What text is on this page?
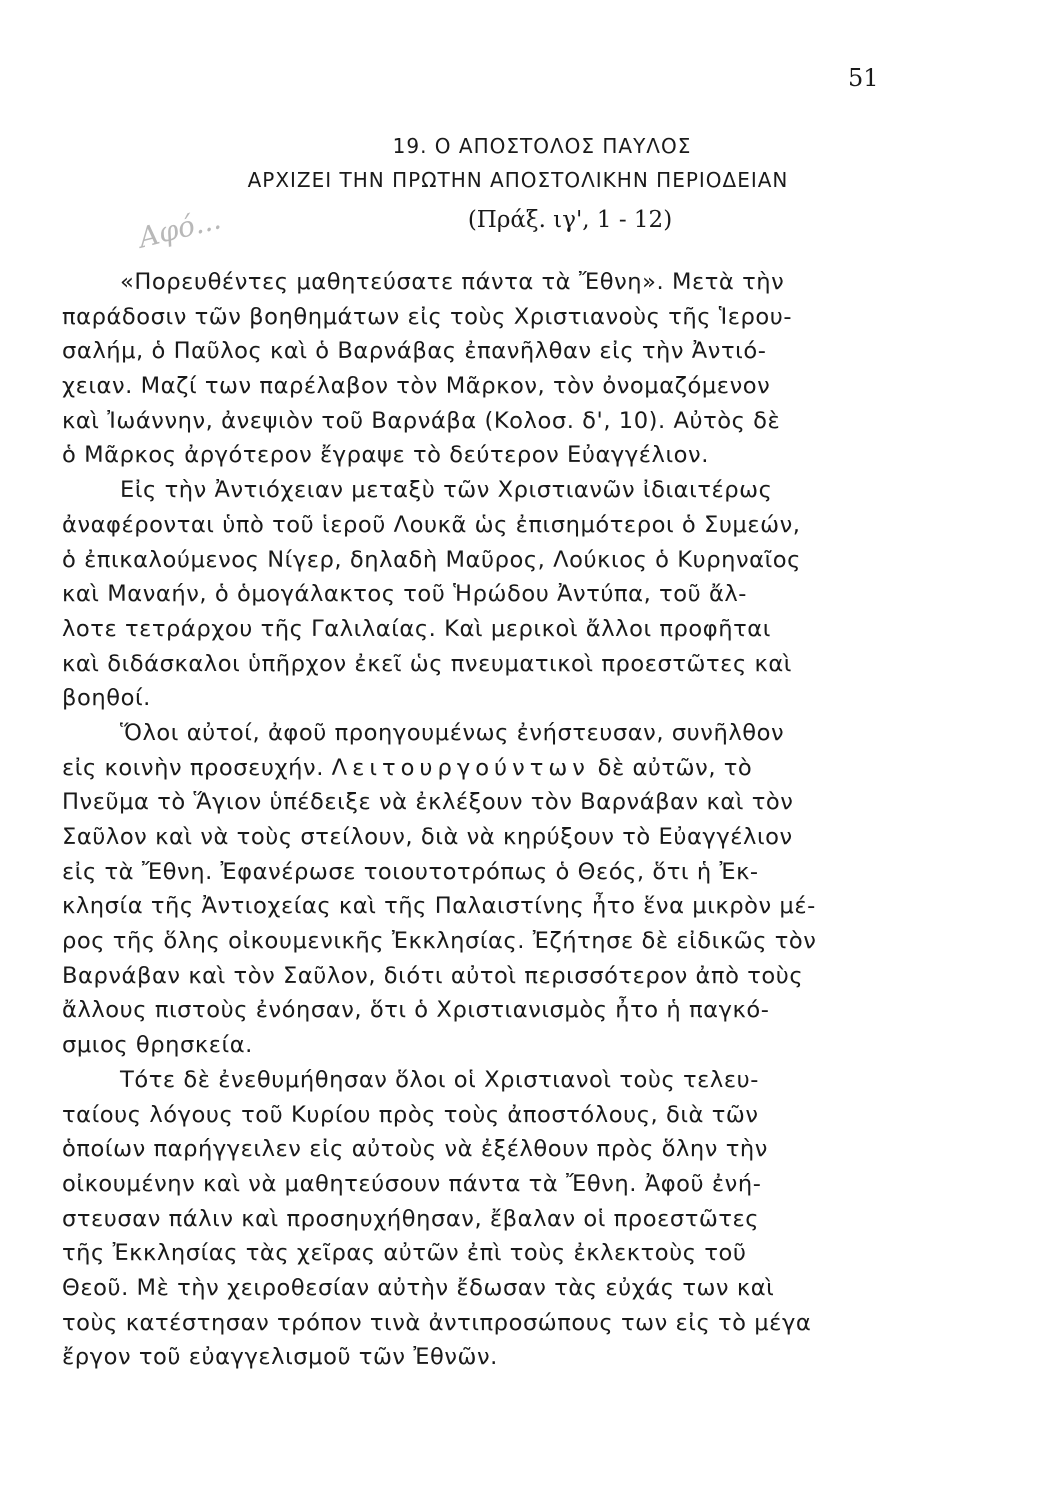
51
19. Ο ΑΠΟΣΤΟΛΟΣ ΠΑΥΛΟΣ
ΑΡΧΙΖΕΙ ΤΗΝ ΠΡΩΤΗΝ ΑΠΟΣΤΟΛΙΚΗΝ ΠΕΡΙΟΔΕΙΑΝ
(Πράξ. ιγ', 1 - 12)
Αφό...
«Πορευθέντες μαθητεύσατε πάντα τὰ Ἔθνη». Μετὰ τὴν
παράδοσιν τῶν βοηθημάτων εἰς τοὺς Χριστιανοὺς τῆς Ἱερου-
σαλήμ, ὁ Παῦλος καὶ ὁ Βαρνάβας ἐπανῆλθαν εἰς τὴν Ἀντιό-
χειαν. Μαζί των παρέλαβον τὸν Μᾶρκον, τὸν ὀνομαζόμενον
καὶ Ἰωάννην, ἀνεψιὸν τοῦ Βαρνάβα (Κολοσ. δ', 10). Αὐτὸς δὲ
ὁ Μᾶρκος ἀργότερον ἔγραψε τὸ δεύτερον Εὐαγγέλιον.
Εἰς τὴν Ἀντιόχειαν μεταξὺ τῶν Χριστιανῶν ἰδιαιτέρως
ἀναφέρονται ὑπὸ τοῦ ἱεροῦ Λουκᾶ ὡς ἐπισημότεροι ὁ Συμεών,
ὁ ἐπικαλούμενος Νίγερ, δηλαδὴ Μαῦρος, Λούκιος ὁ Κυρηναῖος
καὶ Μαναήν, ὁ ὁμογάλακτος τοῦ Ἡρώδου Ἀντύπα, τοῦ ἄλ-
λοτε τετράρχου τῆς Γαλιλαίας. Καὶ μερικοὶ ἄλλοι προφῆται
καὶ διδάσκαλοι ὑπῆρχον ἐκεῖ ὡς πνευματικοὶ προεστῶτες καὶ
βοηθοί.
Ὅλοι αὐτοί, ἀφοῦ προηγουμένως ἐνήστευσαν, συνῆλθον
εἰς κοινὴν προσευχήν. Λειτουργούντων δὲ αὐτῶν, τὸ
Πνεῦμα τὸ Ἅγιον ὑπέδειξε νὰ ἐκλέξουν τὸν Βαρνάβαν καὶ τὸν
Σαῦλον καὶ νὰ τοὺς στείλουν, διὰ νὰ κηρύξουν τὸ Εὐαγγέλιον
εἰς τὰ Ἔθνη. Ἐφανέρωσε τοιουτοτρόπως ὁ Θεός, ὅτι ἡ Ἐκ-
κλησία τῆς Ἀντιοχείας καὶ τῆς Παλαιστίνης ἦτο ἕνα μικρὸν μέ-
ρος τῆς ὅλης οἰκουμενικῆς Ἐκκλησίας. Ἐζήτησε δὲ εἰδικῶς τὸν
Βαρνάβαν καὶ τὸν Σαῦλον, διότι αὐτοὶ περισσότερον ἀπὸ τοὺς
ἄλλους πιστοὺς ἐνόησαν, ὅτι ὁ Χριστιανισμὸς ἦτο ἡ παγκό-
σμιος θρησκεία.
Τότε δὲ ἐνεθυμήθησαν ὅλοι οἱ Χριστιανοὶ τοὺς τελευ-
ταίους λόγους τοῦ Κυρίου πρὸς τοὺς ἀποστόλους, διὰ τῶν
ὁποίων παρήγγειλεν εἰς αὐτοὺς νὰ ἐξέλθουν πρὸς ὅλην τὴν
οἰκουμένην καὶ νὰ μαθητεύσουν πάντα τὰ Ἔθνη. Ἀφοῦ ἐνή-
στευσαν πάλιν καὶ προσηυχήθησαν, ἔβαλαν οἱ προεστῶτες
τῆς Ἐκκλησίας τὰς χεῖρας αὐτῶν ἐπὶ τοὺς ἐκλεκτοὺς τοῦ
Θεοῦ. Μὲ τὴν χειροθεσίαν αὐτὴν ἔδωσαν τὰς εὐχάς των καὶ
τοὺς κατέστησαν τρόπον τινὰ ἀντιπροσώπους των εἰς τὸ μέγα
ἔργον τοῦ εὐαγγελισμοῦ τῶν Ἐθνῶν.
